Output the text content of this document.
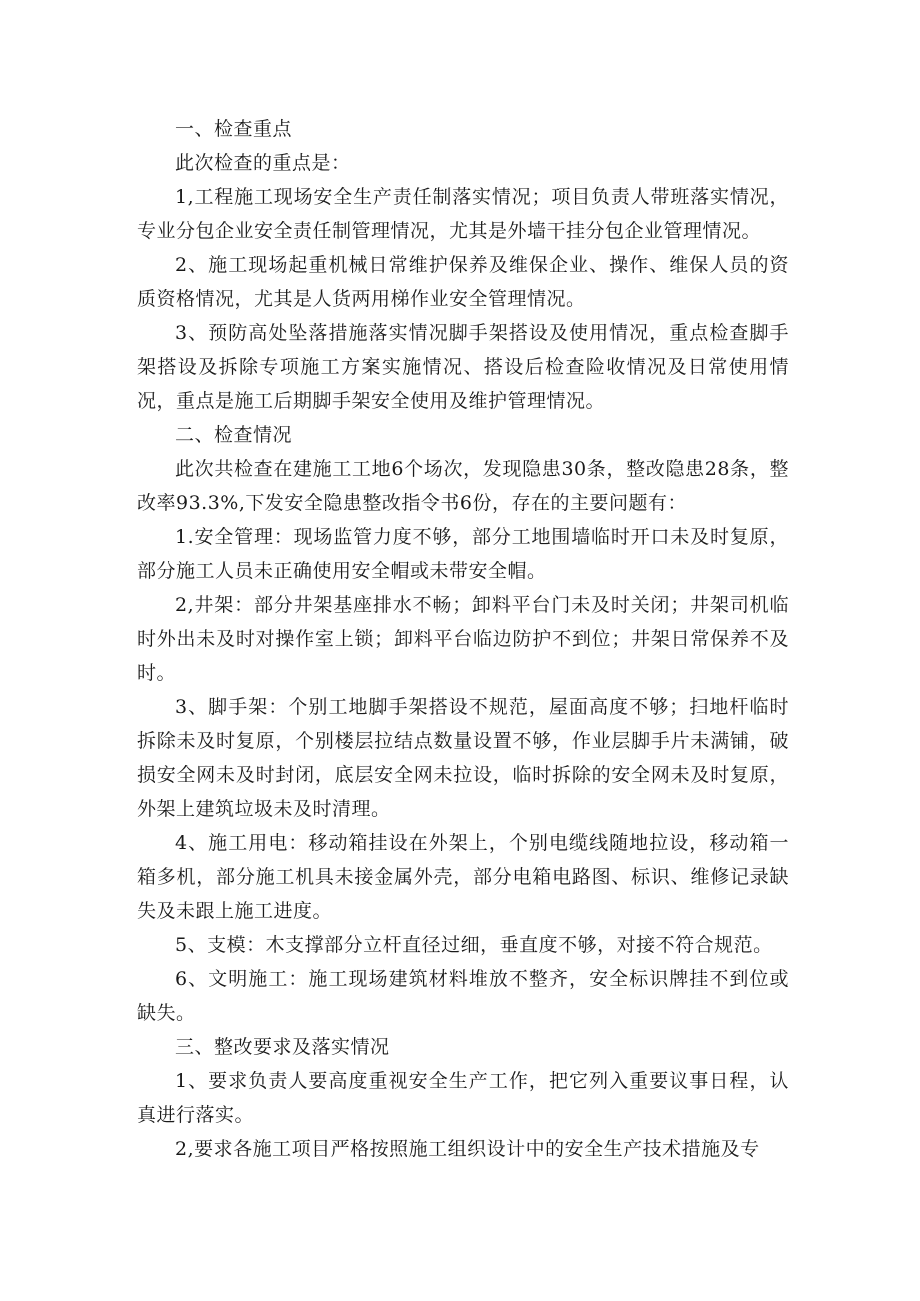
一、检查重点

此次检查的重点是：

1,工程施工现场安全生产责任制落实情况；项目负责人带班落实情况，专业分包企业安全责任制管理情况，尤其是外墙干挂分包企业管理情况。

2、施工现场起重机械日常维护保养及维保企业、操作、维保人员的资质资格情况，尤其是人货两用梯作业安全管理情况。

3、预防高处坠落措施落实情况脚手架搭设及使用情况，重点检查脚手架搭设及拆除专项施工方案实施情况、搭设后检查险收情况及日常使用情况，重点是施工后期脚手架安全使用及维护管理情况。

二、检查情况

此次共检查在建施工工地6个场次，发现隐患30条，整改隐患28条，整改率93.3%,下发安全隐患整改指令书6份，存在的主要问题有：

1.安全管理：现场监管力度不够，部分工地围墙临时开口未及时复原，部分施工人员未正确使用安全帽或未带安全帽。

2,井架：部分井架基座排水不畅；卸料平台门未及时关闭；井架司机临时外出未及时对操作室上锁；卸料平台临边防护不到位；井架日常保养不及时。

3、脚手架：个别工地脚手架搭设不规范，屋面高度不够；扫地杆临时拆除未及时复原，个别楼层拉结点数量设置不够，作业层脚手片未满铺，破损安全网未及时封闭，底层安全网未拉设，临时拆除的安全网未及时复原，外架上建筑垃圾未及时清理。

4、施工用电：移动箱挂设在外架上，个别电缆线随地拉设，移动箱一箱多机，部分施工机具未接金属外壳，部分电箱电路图、标识、维修记录缺失及未跟上施工进度。

5、支模：木支撑部分立杆直径过细，垂直度不够，对接不符合规范。

6、文明施工：施工现场建筑材料堆放不整齐，安全标识牌挂不到位或缺失。

三、整改要求及落实情况

1、要求负责人要高度重视安全生产工作，把它列入重要议事日程，认真进行落实。

2,要求各施工项目严格按照施工组织设计中的安全生产技术措施及专
